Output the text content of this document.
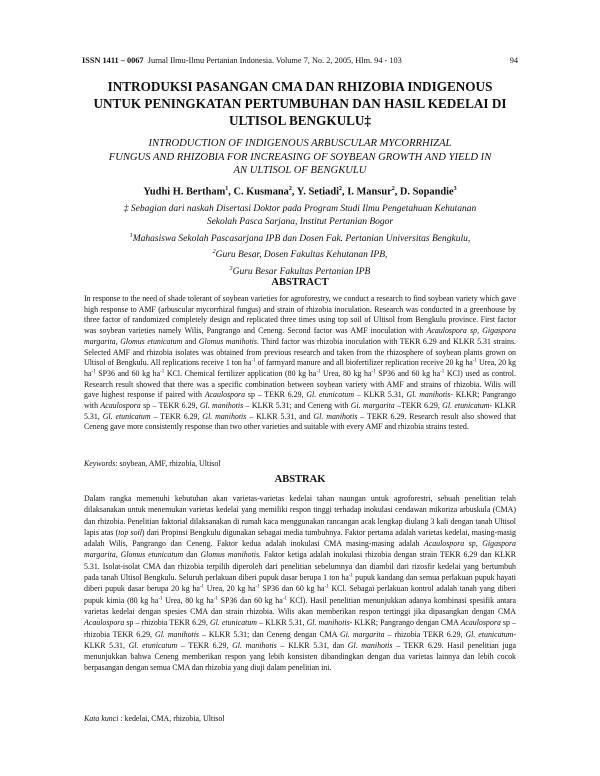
ISSN 1411 – 0067 Jurnal Ilmu-Ilmu Pertanian Indonesia. Volume 7, No. 2, 2005, Hlm. 94 - 103	94
INTRODUKSI PASANGAN CMA DAN RHIZOBIA INDIGENOUS
UNTUK PENINGKATAN PERTUMBUHAN DAN HASIL KEDELAI DI
ULTISOL BENGKULU‡

INTRODUCTION OF INDIGENOUS ARBUSCULAR MYCORRHIZAL
FUNGUS AND RHIZOBIA FOR INCREASING OF SOYBEAN GROWTH AND YIELD IN
AN ULTISOL OF BENGKULU

Yudhi H. Bertham$^1$, C. Kusmana$^2$, Y. Setiadi$^2$, I. Mansur$^2$, D. Sopandie$^3$

‡ Sebagian dari naskah Disertasi Doktor pada Program Studi Ilmu Pengetahuan Kehutanan
Sekolah Pasca Sarjana, Institut Pertanian Bogor
$^1$Mahasiswa Sekolah Pascasarjana IPB dan Dosen Fak. Pertanian Universitas Bengkulu,
$^2$Guru Besar, Dosen Fakultas Kehutanan IPB,
$^3$Guru Besar Fakultas Pertanian IPB

ABSTRACT

In response to the need of shade tolerant of soybean varieties for agroforestry, we conduct a research to find soybean variety which gave high response to AMF (arbuscular mycorrhizal fungus) and strain of rhizobia inoculation. Research was conducted in a greenhouse by three factor of randomized completely design and replicated three times using top soil of Ultisol from Bengkulu province. First factor was soybean varieties namely Wilis, Pangrango and Ceneng. Second factor was AMF inoculation with Acaulospora sp, Gigaspora margarita, Glomus etunicatum and Glomus manihotis. Third factor was rhizobia inoculation with TEKR 6.29 and KLKR 5.31 strains. Selected AMF and rhizobia isolates was obtained from previous research and taken from the rhizosphere of soybean plants grown on Ultisol of Bengkulu. All replications receive 1 ton $ha^{-1}$ of farmyard manure and all biofertilizer replication receive 20 kg $ha^{-1}$ Urea, 20 kg $ha^{-1}$ SP36 and 60 kg $ha^{-1}$ KCl. Chemical fertilizer application (80 kg $ha^{-1}$ Urea, 80 kg $ha^{-1}$ SP36 and 60 kg $ha^{-1}$ KCl) used as control. Research result showed that there was a specific combination between soybean variety with AMF and strains of rhizobia. Wilis will gave highest response if paired with Acaulospora sp – TEKR 6.29, Gl. etunicatum – KLKR 5.31, Gl. manihotis- KLKR; Pangrango with Acaulospora sp – TEKR 6.29, Gl. manihotis – KLKR 5.31; and Ceneng with Gi. margarita –TEKR 6.29, Gl. etunicatum- KLKR 5.31, Gl. etunicatum – TEKR 6.29, Gl. manihotis – KLKR 5.31, and Gl. manihotis – TEKR 6.29. Research result also showed that Ceneng gave more consistently response than two other varieties and suitable with every AMF and rhizobia strains tested.

Keywords: soybean, AMF, rhizobia, Ultisol

ABSTRAK

Dalam rangka memenuhi kebutuhan akan varietas-varietas kedelai tahan naungan untuk agroforestri, sebuah penelitian telah dilaksanakan untuk menemukan varietas kedelai yang memiliki respon tinggi terhadap inokulasi cendawan mikoriza arbuskula (CMA) dan rhizobia. Penelitian faktorial dilaksanakan di rumah kaca menggunakan rancangan acak lengkap diulang 3 kali dengan tanah Ultisol lapis atas (top soil) dari Propinsi Bengkulu digunakan sebagai media tumbuhnya. Faktor pertama adalah varietas kedelai, masing-masig adalah Wilis, Pangrango dan Ceneng. Faktor kedua adalah inokulasi CMA masing-masing adalah Acaulospora sp, Gigaspora margarita, Glomus etunicatum dan Glomus manihotis. Faktor ketiga adalah inokulasi rhizobia dengan strain TEKR 6.29 dan KLKR 5.31. Isolat-isolat CMA dan rhizobia terpilih diperoleh dari penelitian sebelumnya dan diambil dari rizosfir kedelai yang bertumbuh pada tanah Ultisol Bengkulu. Seluruh perlakuan diberi pupuk dasar berupa 1 ton $ha^{-1}$ pupuk kandang dan semua perlakuan pupuk hayati diberi pupuk dasar berupa 20 kg $ha^{-1}$ Urea, 20 kg $ha^{-1}$ SP36 dan 60 kg $ha^{-1}$ KCl. Sebagai perlakuan kontrol adalah tanah yang diberi pupuk kimia (80 kg $ha^{-1}$ Urea, 80 kg $ha^{-1}$ SP36 dan 60 kg $ha^{-1}$ KCl). Hasil penelitian menunjukkan adanya kombinasi spesifik antara varietas kedelai dengan spesies CMA dan strain rhizobia. Wilis akan memberikan respon tertinggi jika dipasangkan dengan CMA Acaulospora sp – rhizobia TEKR 6.29, Gl. etunicatum – KLKR 5.31, Gl. manihotis- KLKR; Pangrango dengan CMA Acaulospora sp – rhizobia TEKR 6.29, Gl. manihotis – KLKR 5.31; dan Ceneng dengan CMA Gi. margarita – rhizobia TEKR 6.29, Gl. etunicatum- KLKR 5.31, Gl. etunicatum – TEKR 6.29, Gl. manihotis – KLKR 5.31, dan Gl. manihotis – TEKR 6.29. Hasil penelitian juga menunjukkan bahwa Ceneng memberikan respon yang lebih konsisten dibandingkan dengan dua varietas lainnya dan lebih cocok berpasangan dengan semua CMA dan rhizobia yang diuji dalam penelitian ini.

Kata kunci : kedelai, CMA, rhizobia, Ultisol
